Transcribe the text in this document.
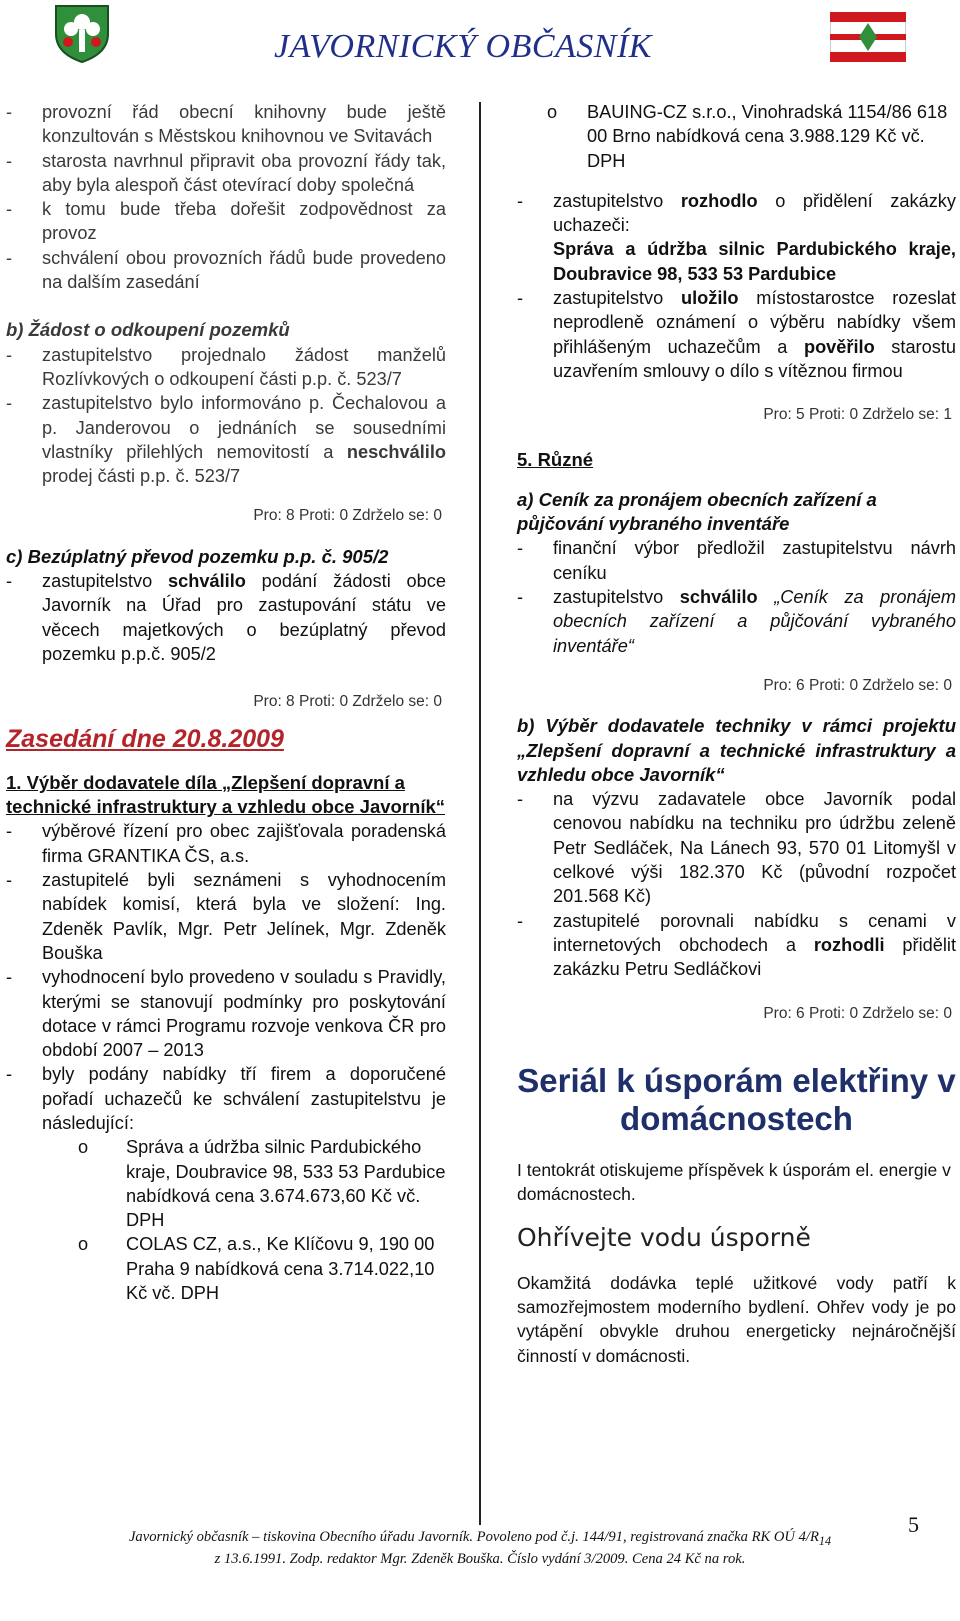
JAVORNICKÝ OBČASNÍK
-	provozní řád obecní knihovny bude ještě konzultován s Městskou knihovnou ve Svitavách
-	starosta navrhnul připravit oba provozní řády tak, aby byla alespoň část otevírací doby společná
-	k tomu bude třeba dořešit zodpovědnost za provoz
-	schválení obou provozních řádů bude provedeno na dalším zasedání
b) Žádost o odkoupení pozemků
-	zastupitelstvo projednalo žádost manželů Rozlívkových o odkoupení části p.p. č. 523/7
-	zastupitelstvo bylo informováno p. Čechalovou a p. Janderovou o jednáních se sousedními vlastníky přilehlých nemovitostí a neschválilo prodej části p.p. č. 523/7
Pro: 8 Proti: 0 Zdrželo se: 0
c) Bezúplatný převod pozemku p.p. č. 905/2
-	zastupitelstvo schválilo podání žádosti obce Javorník na Úřad pro zastupování státu ve věcech majetkových o bezúplatný převod pozemku p.p.č. 905/2
Pro: 8 Proti: 0 Zdrželo se: 0
Zasedání dne 20.8.2009
1. Výběr dodavatele díla „Zlepšení dopravní a technické infrastruktury a vzhledu obce Javorník“
-	výběrové řízení pro obec zajišťovala poradenská firma GRANTIKA ČS, a.s.
-	zastupitelé byli seznámeni s vyhodnocením nabídek komisí, která byla ve složení: Ing. Zdeněk Pavlík, Mgr. Petr Jelínek, Mgr. Zdeněk Bouška
-	vyhodnocení bylo provedeno v souladu s Pravidly, kterými se stanovují podmínky pro poskytování dotace v rámci Programu rozvoje venkova ČR pro období 2007 – 2013
-	byly podány nabídky tří firem a doporučené pořadí uchazečů ke schválení zastupitelstvu je následující:
o	Správa a údržba silnic Pardubického kraje, Doubravice 98, 533 53 Pardubice nabídková cena 3.674.673,60 Kč vč. DPH
o	COLAS CZ, a.s., Ke Klíčovu 9, 190 00 Praha 9 nabídková cena 3.714.022,10 Kč vč. DPH
o	BAUING-CZ s.r.o., Vinohradská 1154/86 618 00 Brno nabídková cena 3.988.129 Kč vč. DPH
-	zastupitelstvo rozhodlo o přidělení zakázky uchazeči:
Správa a údržba silnic Pardubického kraje, Doubravice 98, 533 53 Pardubice
-	zastupitelstvo uložilo místostarostce rozeslat neprodleně oznámení o výběru nabídky všem přihlášeným uchazečům a pověřilo starostu uzavřením smlouvy o dílo s vítěznou firmou
Pro: 5 Proti: 0 Zdrželo se: 1
5. Různé
a) Ceník za pronájem obecních zařízení a půjčování vybraného inventáře
-	finanční výbor předložil zastupitelstvu návrh ceníku
-	zastupitelstvo schválilo „Ceník za pronájem obecních zařízení a půjčování vybraného inventáře“
Pro: 6 Proti: 0 Zdrželo se: 0
b) Výběr dodavatele techniky v rámci projektu „Zlepšení dopravní a technické infrastruktury a vzhledu obce Javorník“
-	na výzvu zadavatele obce Javorník podal cenovou nabídku na techniku pro údržbu zeleně Petr Sedláček, Na Lánech 93, 570 01 Litomyšl v celkové výši 182.370 Kč (původní rozpočet 201.568 Kč)
-	zastupitelé porovnali nabídku s cenami v internetových obchodech a rozhodli přidělit zakázku Petru Sedláčkovi
Pro: 6 Proti: 0 Zdrželo se: 0
Seriál k úsporám elektřiny v domácnostech
I tentokrát otiskujeme příspěvek k úsporám el. energie v domácnostech.
Ohřívejte vodu úsporně
Okamžitá dodávka teplé užitkové vody patří k samozřejmostem moderního bydlení. Ohřev vody je po vytápění obvykle druhou energeticky nejnáročnější činností v domácnosti.
Javornický občasník – tiskovina Obecního úřadu Javorník. Povoleno pod č.j. 144/91, registrovaná značka RK OÚ $4/R_{14}$
z 13.6.1991. Zodp. redaktor Mgr. Zdeněk Bouška. Číslo vydání 3/2009. Cena 24 Kč na rok.
5
